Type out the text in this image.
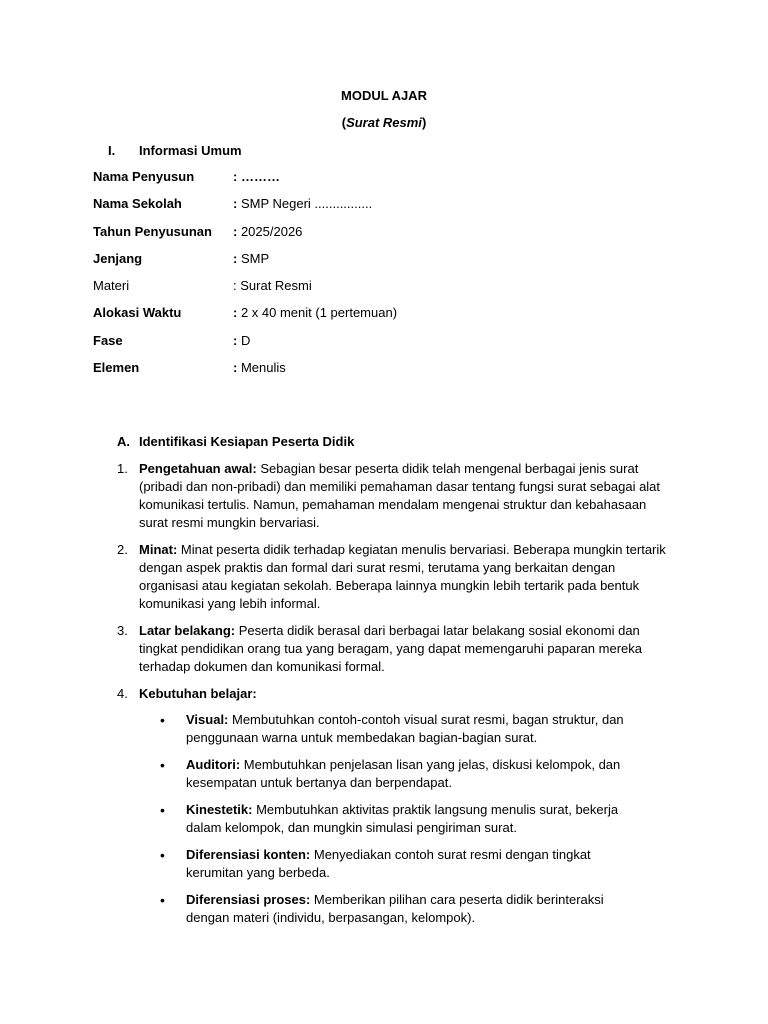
MODUL AJAR
(Surat Resmi)
I. Informasi Umum
Nama Penyusun	: ………
Nama Sekolah	: SMP Negeri ................
Tahun Penyusunan : 2025/2026
Jenjang	: SMP
Materi	: Surat Resmi
Alokasi Waktu	: 2 x 40 menit (1 pertemuan)
Fase	: D
Elemen	: Menulis
A. Identifikasi Kesiapan Peserta Didik
1. Pengetahuan awal: Sebagian besar peserta didik telah mengenal berbagai jenis surat (pribadi dan non-pribadi) dan memiliki pemahaman dasar tentang fungsi surat sebagai alat komunikasi tertulis. Namun, pemahaman mendalam mengenai struktur dan kebahasaan surat resmi mungkin bervariasi.
2. Minat: Minat peserta didik terhadap kegiatan menulis bervariasi. Beberapa mungkin tertarik dengan aspek praktis dan formal dari surat resmi, terutama yang berkaitan dengan organisasi atau kegiatan sekolah. Beberapa lainnya mungkin lebih tertarik pada bentuk komunikasi yang lebih informal.
3. Latar belakang: Peserta didik berasal dari berbagai latar belakang sosial ekonomi dan tingkat pendidikan orang tua yang beragam, yang dapat memengaruhi paparan mereka terhadap dokumen dan komunikasi formal.
4. Kebutuhan belajar:
• Visual: Membutuhkan contoh-contoh visual surat resmi, bagan struktur, dan penggunaan warna untuk membedakan bagian-bagian surat.
• Auditori: Membutuhkan penjelasan lisan yang jelas, diskusi kelompok, dan kesempatan untuk bertanya dan berpendapat.
• Kinestetik: Membutuhkan aktivitas praktik langsung menulis surat, bekerja dalam kelompok, dan mungkin simulasi pengiriman surat.
• Diferensiasi konten: Menyediakan contoh surat resmi dengan tingkat kerumitan yang berbeda.
• Diferensiasi proses: Memberikan pilihan cara peserta didik berinteraksi dengan materi (individu, berpasangan, kelompok).
